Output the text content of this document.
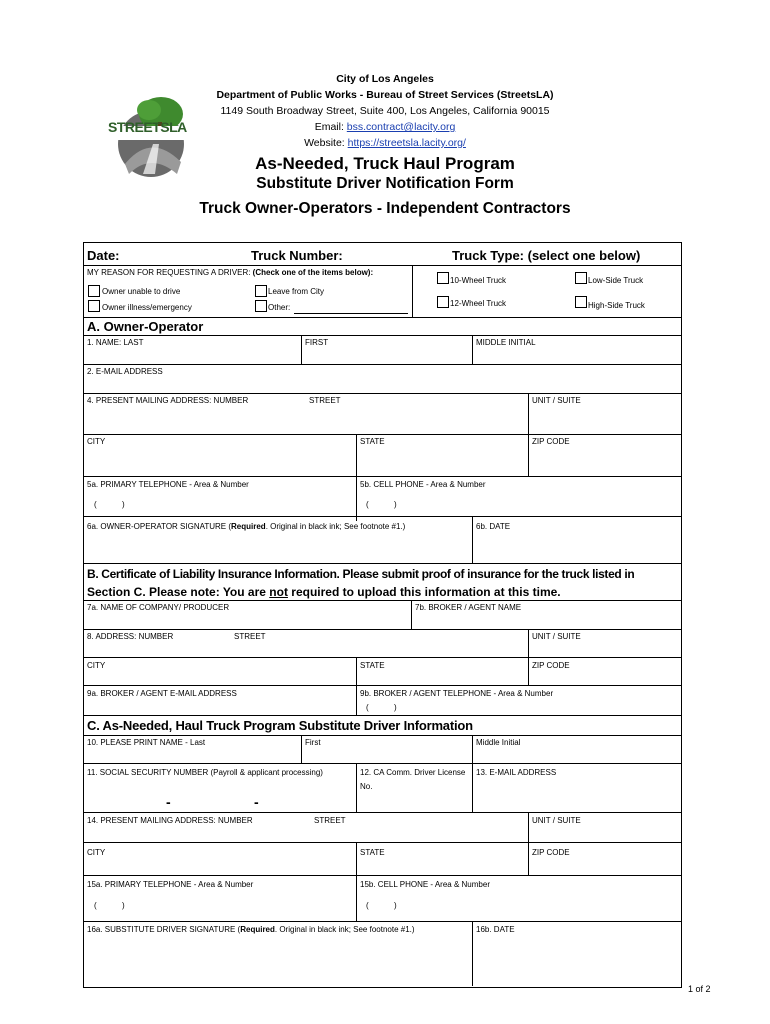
STREETSLA
City of Los Angeles
Department of Public Works - Bureau of Street Services (StreetsLA)
1149 South Broadway Street, Suite 400, Los Angeles, California 90015
Email: bss.contract@lacity.org
Website: https://streetsla.lacity.org/
As-Needed, Truck Haul Program
Substitute Driver Notification Form
Truck Owner-Operators - Independent Contractors
Date:	Truck Number:	Truck Type: (select one below)
MY REASON FOR REQUESTING A DRIVER: (Check one of the items below):
Owner unable to drive	Leave from City
Owner illness/emergency	Other:
10-Wheel Truck	Low-Side Truck
12-Wheel Truck	High-Side Truck
A. Owner-Operator
1. NAME: LAST	FIRST	MIDDLE INITIAL
2. E-MAIL ADDRESS
4. PRESENT MAILING ADDRESS: NUMBER	STREET	UNIT / SUITE
CITY	STATE	ZIP CODE
5a. PRIMARY TELEPHONE - Area & Number
(	)
5b. CELL PHONE - Area & Number
(	)
6a. OWNER-OPERATOR SIGNATURE (Required. Original in black ink; See footnote #1.)	6b. DATE
B. Certificate of Liability Insurance Information. Please submit proof of insurance for the truck listed in
Section C. Please note: You are not required to upload this information at this time.
7a. NAME OF COMPANY/ PRODUCER	7b. BROKER / AGENT NAME
8. ADDRESS: NUMBER	STREET	UNIT / SUITE
CITY	STATE	ZIP CODE
9a. BROKER / AGENT E-MAIL ADDRESS	9b. BROKER / AGENT TELEPHONE - Area & Number
(	)
C. As-Needed, Haul Truck Program Substitute Driver Information
10. PLEASE PRINT NAME - Last	First	Middle Initial
11. SOCIAL SECURITY NUMBER (Payroll & applicant processing)
-	-
12. CA Comm. Driver License
No.
13. E-MAIL ADDRESS
14. PRESENT MAILING ADDRESS: NUMBER	STREET	UNIT / SUITE
CITY	STATE	ZIP CODE
15a. PRIMARY TELEPHONE - Area & Number
(	)
15b. CELL PHONE - Area & Number
(	)
16a. SUBSTITUTE DRIVER SIGNATURE (Required. Original in black ink; See footnote #1.)	16b. DATE
1 of 2
